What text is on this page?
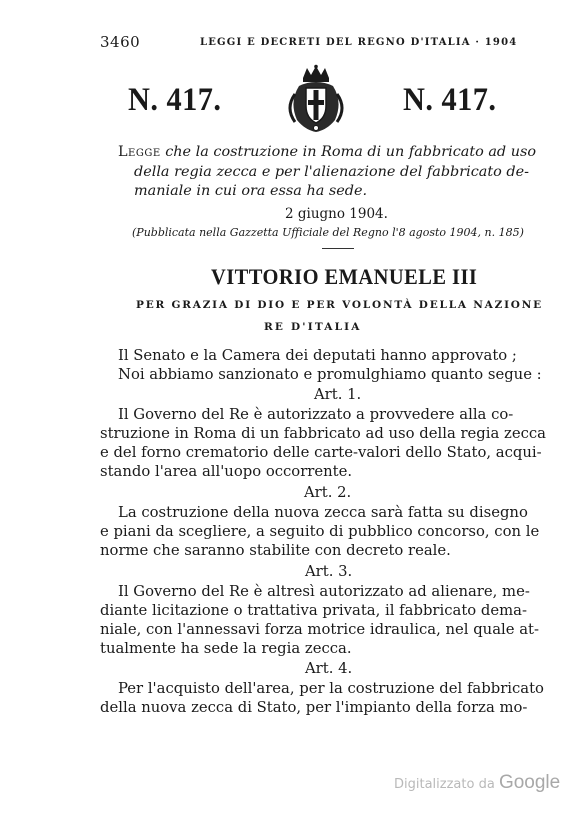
3460	LEGGI E DECRETI DEL REGNO D'ITALIA · 1904
N. 417.	N. 417.
Legge che la costruzione in Roma di un fabbricato ad uso
della regia zecca e per l'alienazione del fabbricato de-
maniale in cui ora essa ha sede.
2 giugno 1904.
(Pubblicata nella Gazzetta Ufficiale del Regno l'8 agosto 1904, n. 185)
VITTORIO EMANUELE III
PER GRAZIA DI DIO E PER VOLONTÀ DELLA NAZIONE
RE D'ITALIA
Il Senato e la Camera dei deputati hanno approvato ;
Noi abbiamo sanzionato e promulghiamo quanto segue :
Art. 1.
Il Governo del Re è autorizzato a provvedere alla co-
struzione in Roma di un fabbricato ad uso della regia zecca
e del forno crematorio delle carte-valori dello Stato, acqui-
stando l'area all'uopo occorrente.
Art. 2.
La costruzione della nuova zecca sarà fatta su disegno
e piani da scegliere, a seguito di pubblico concorso, con le
norme che saranno stabilite con decreto reale.
Art. 3.
Il Governo del Re è altresì autorizzato ad alienare, me-
diante licitazione o trattativa privata, il fabbricato dema-
niale, con l'annessavi forza motrice idraulica, nel quale at-
tualmente ha sede la regia zecca.
Art. 4.
Per l'acquisto dell'area, per la costruzione del fabbricato
della nuova zecca di Stato, per l'impianto della forza mo-
Digitalizzato da Google
